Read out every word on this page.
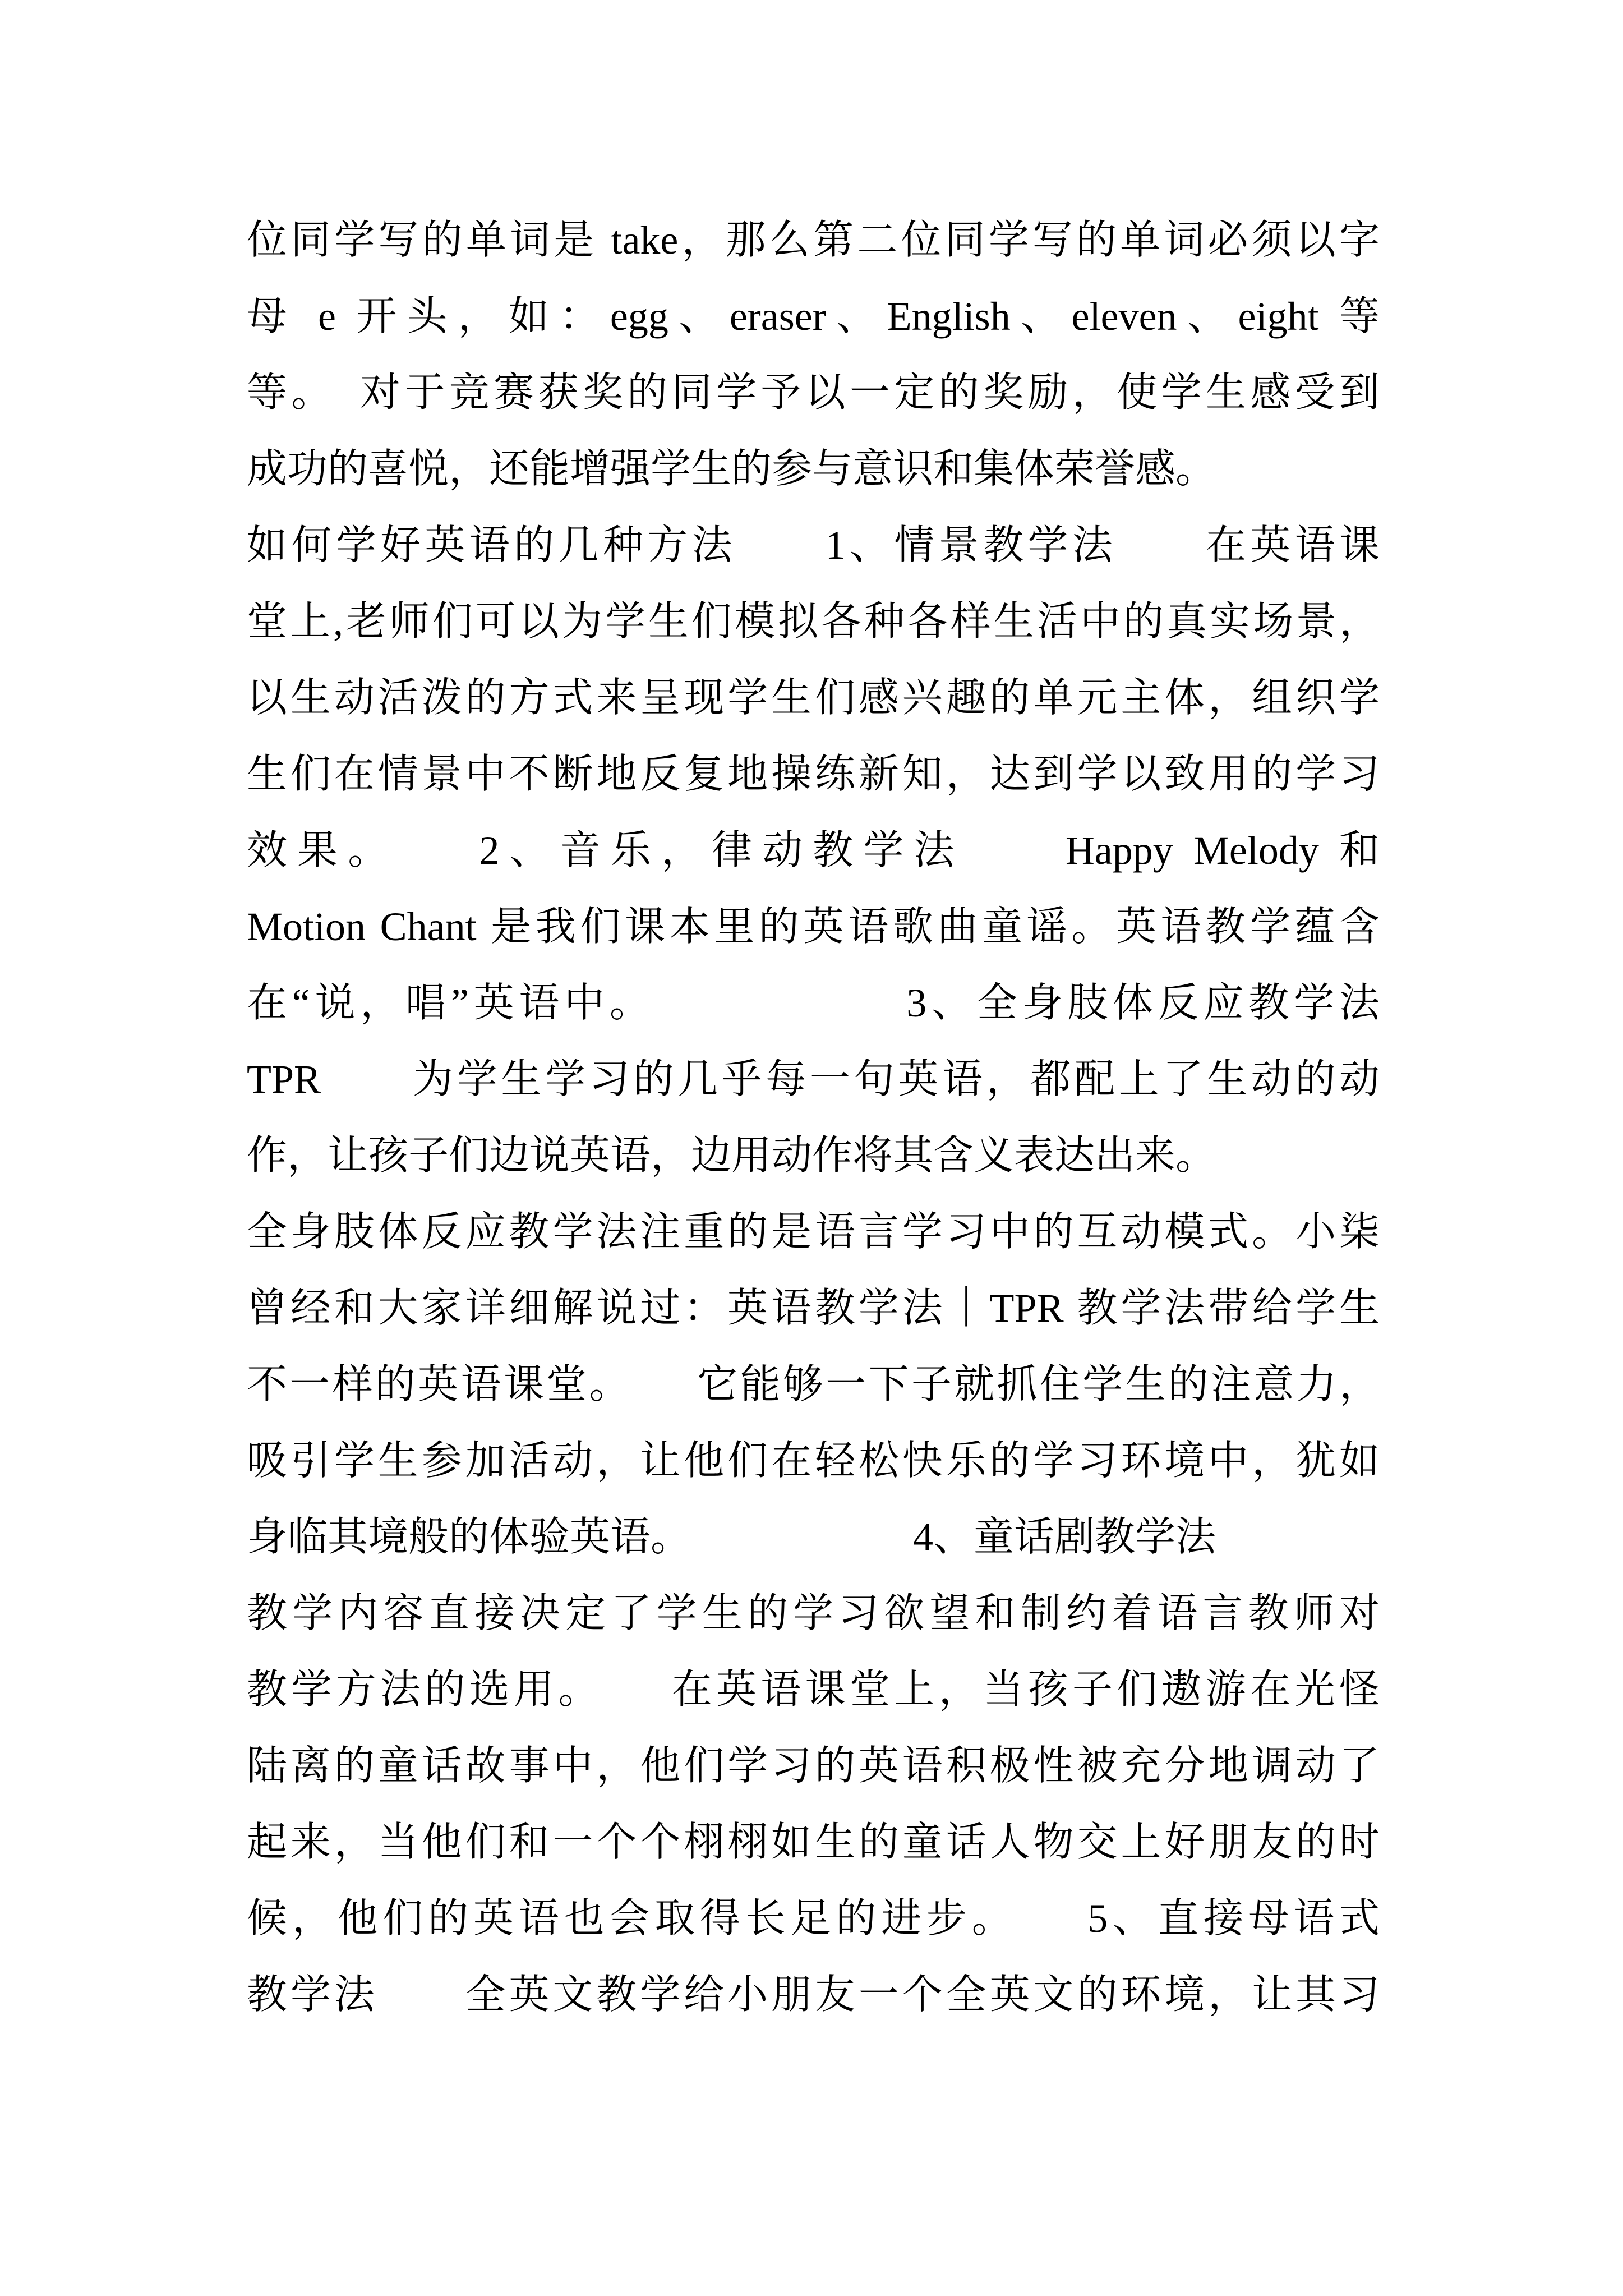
位同学写的单词是 take，那么第二位同学写的单词必须以字
母 e 开头，如：egg、eraser、English、eleven、eight 等
等。　对于竞赛获奖的同学予以一定的奖励，使学生感受到
成功的喜悦，还能增强学生的参与意识和集体荣誉感。
如何学好英语的几种方法　　1、情景教学法　　在英语课
堂上,老师们可以为学生们模拟各种各样生活中的真实场景，
以生动活泼的方式来呈现学生们感兴趣的单元主体，组织学
生们在情景中不断地反复地操练新知，达到学以致用的学习
效果。　　2、音乐，律动教学法　　Happy Melody 和
Motion Chant 是我们课本里的英语歌曲童谣。英语教学蕴含
在“说，唱”英语中。　　　　　　3、全身肢体反应教学法
TPR　　为学生学习的几乎每一句英语，都配上了生动的动
作，让孩子们边说英语，边用动作将其含义表达出来。
全身肢体反应教学法注重的是语言学习中的互动模式。小柒
曾经和大家详细解说过：英语教学法｜TPR 教学法带给学生
不一样的英语课堂。　　它能够一下子就抓住学生的注意力，
吸引学生参加活动，让他们在轻松快乐的学习环境中，犹如
身临其境般的体验英语。　　　　　　4、童话剧教学法
教学内容直接决定了学生的学习欲望和制约着语言教师对
教学方法的选用。　　在英语课堂上，当孩子们遨游在光怪
陆离的童话故事中，他们学习的英语积极性被充分地调动了
起来，当他们和一个个栩栩如生的童话人物交上好朋友的时
候，他们的英语也会取得长足的进步。　　5、直接母语式
教学法　　全英文教学给小朋友一个全英文的环境，让其习
